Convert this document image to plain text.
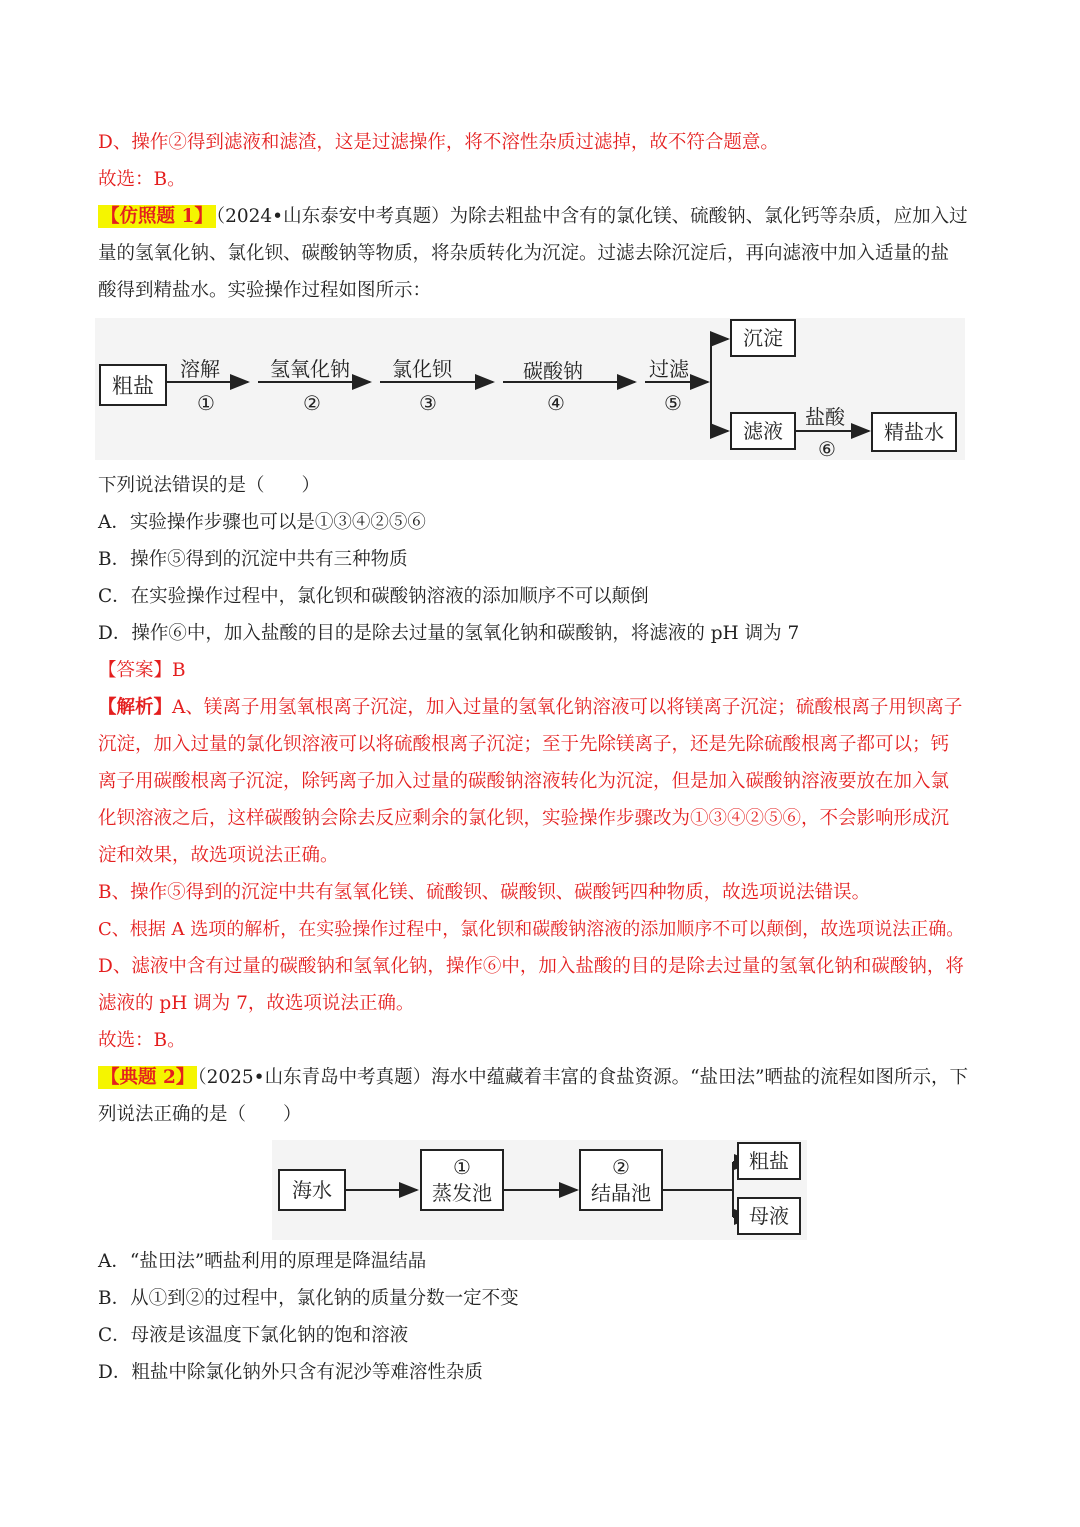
D、操作②得到滤液和滤渣，这是过滤操作，将不溶性杂质过滤掉，故不符合题意。
故选：B。
【仿照题 1】 （2024•山东泰安中考真题）为除去粗盐中含有的氯化镁、硫酸钠、氯化钙等杂质，应加入过
量的氢氧化钠、氯化钡、碳酸钠等物质，将杂质转化为沉淀。过滤去除沉淀后，再向滤液中加入适量的盐
酸得到精盐水。实验操作过程如图所示：
粗盐
溶解
①
氢氧化钠
②
氯化钡
③
碳酸钠
④
过滤
⑤
沉淀
滤液
盐酸
⑥
精盐水
下列说法错误的是（　　）
A．实验操作步骤也可以是①③④②⑤⑥
B．操作⑤得到的沉淀中共有三种物质
C．在实验操作过程中，氯化钡和碳酸钠溶液的添加顺序不可以颠倒
D．操作⑥中，加入盐酸的目的是除去过量的氢氧化钠和碳酸钠，将滤液的 pH 调为 7
【答案】B
【解析】A、镁离子用氢氧根离子沉淀，加入过量的氢氧化钠溶液可以将镁离子沉淀；硫酸根离子用钡离子
沉淀，加入过量的氯化钡溶液可以将硫酸根离子沉淀；至于先除镁离子，还是先除硫酸根离子都可以；钙
离子用碳酸根离子沉淀，除钙离子加入过量的碳酸钠溶液转化为沉淀，但是加入碳酸钠溶液要放在加入氯
化钡溶液之后，这样碳酸钠会除去反应剩余的氯化钡，实验操作步骤改为①③④②⑤⑥，不会影响形成沉
淀和效果，故选项说法正确。
B、操作⑤得到的沉淀中共有氢氧化镁、硫酸钡、碳酸钡、碳酸钙四种物质，故选项说法错误。
C、根据 A 选项的解析，在实验操作过程中，氯化钡和碳酸钠溶液的添加顺序不可以颠倒，故选项说法正确。
D、滤液中含有过量的碳酸钠和氢氧化钠，操作⑥中，加入盐酸的目的是除去过量的氢氧化钠和碳酸钠，将
滤液的 pH 调为 7，故选项说法正确。
故选：B。
【典题 2】 （2025•山东青岛中考真题）海水中蕴藏着丰富的食盐资源。“盐田法”晒盐的流程如图所示，下
列说法正确的是（　　）
海水
①
蒸发池
②
结晶池
粗盐
母液
A．“盐田法”晒盐利用的原理是降温结晶
B．从①到②的过程中，氯化钠的质量分数一定不变
C．母液是该温度下氯化钠的饱和溶液
D．粗盐中除氯化钠外只含有泥沙等难溶性杂质
